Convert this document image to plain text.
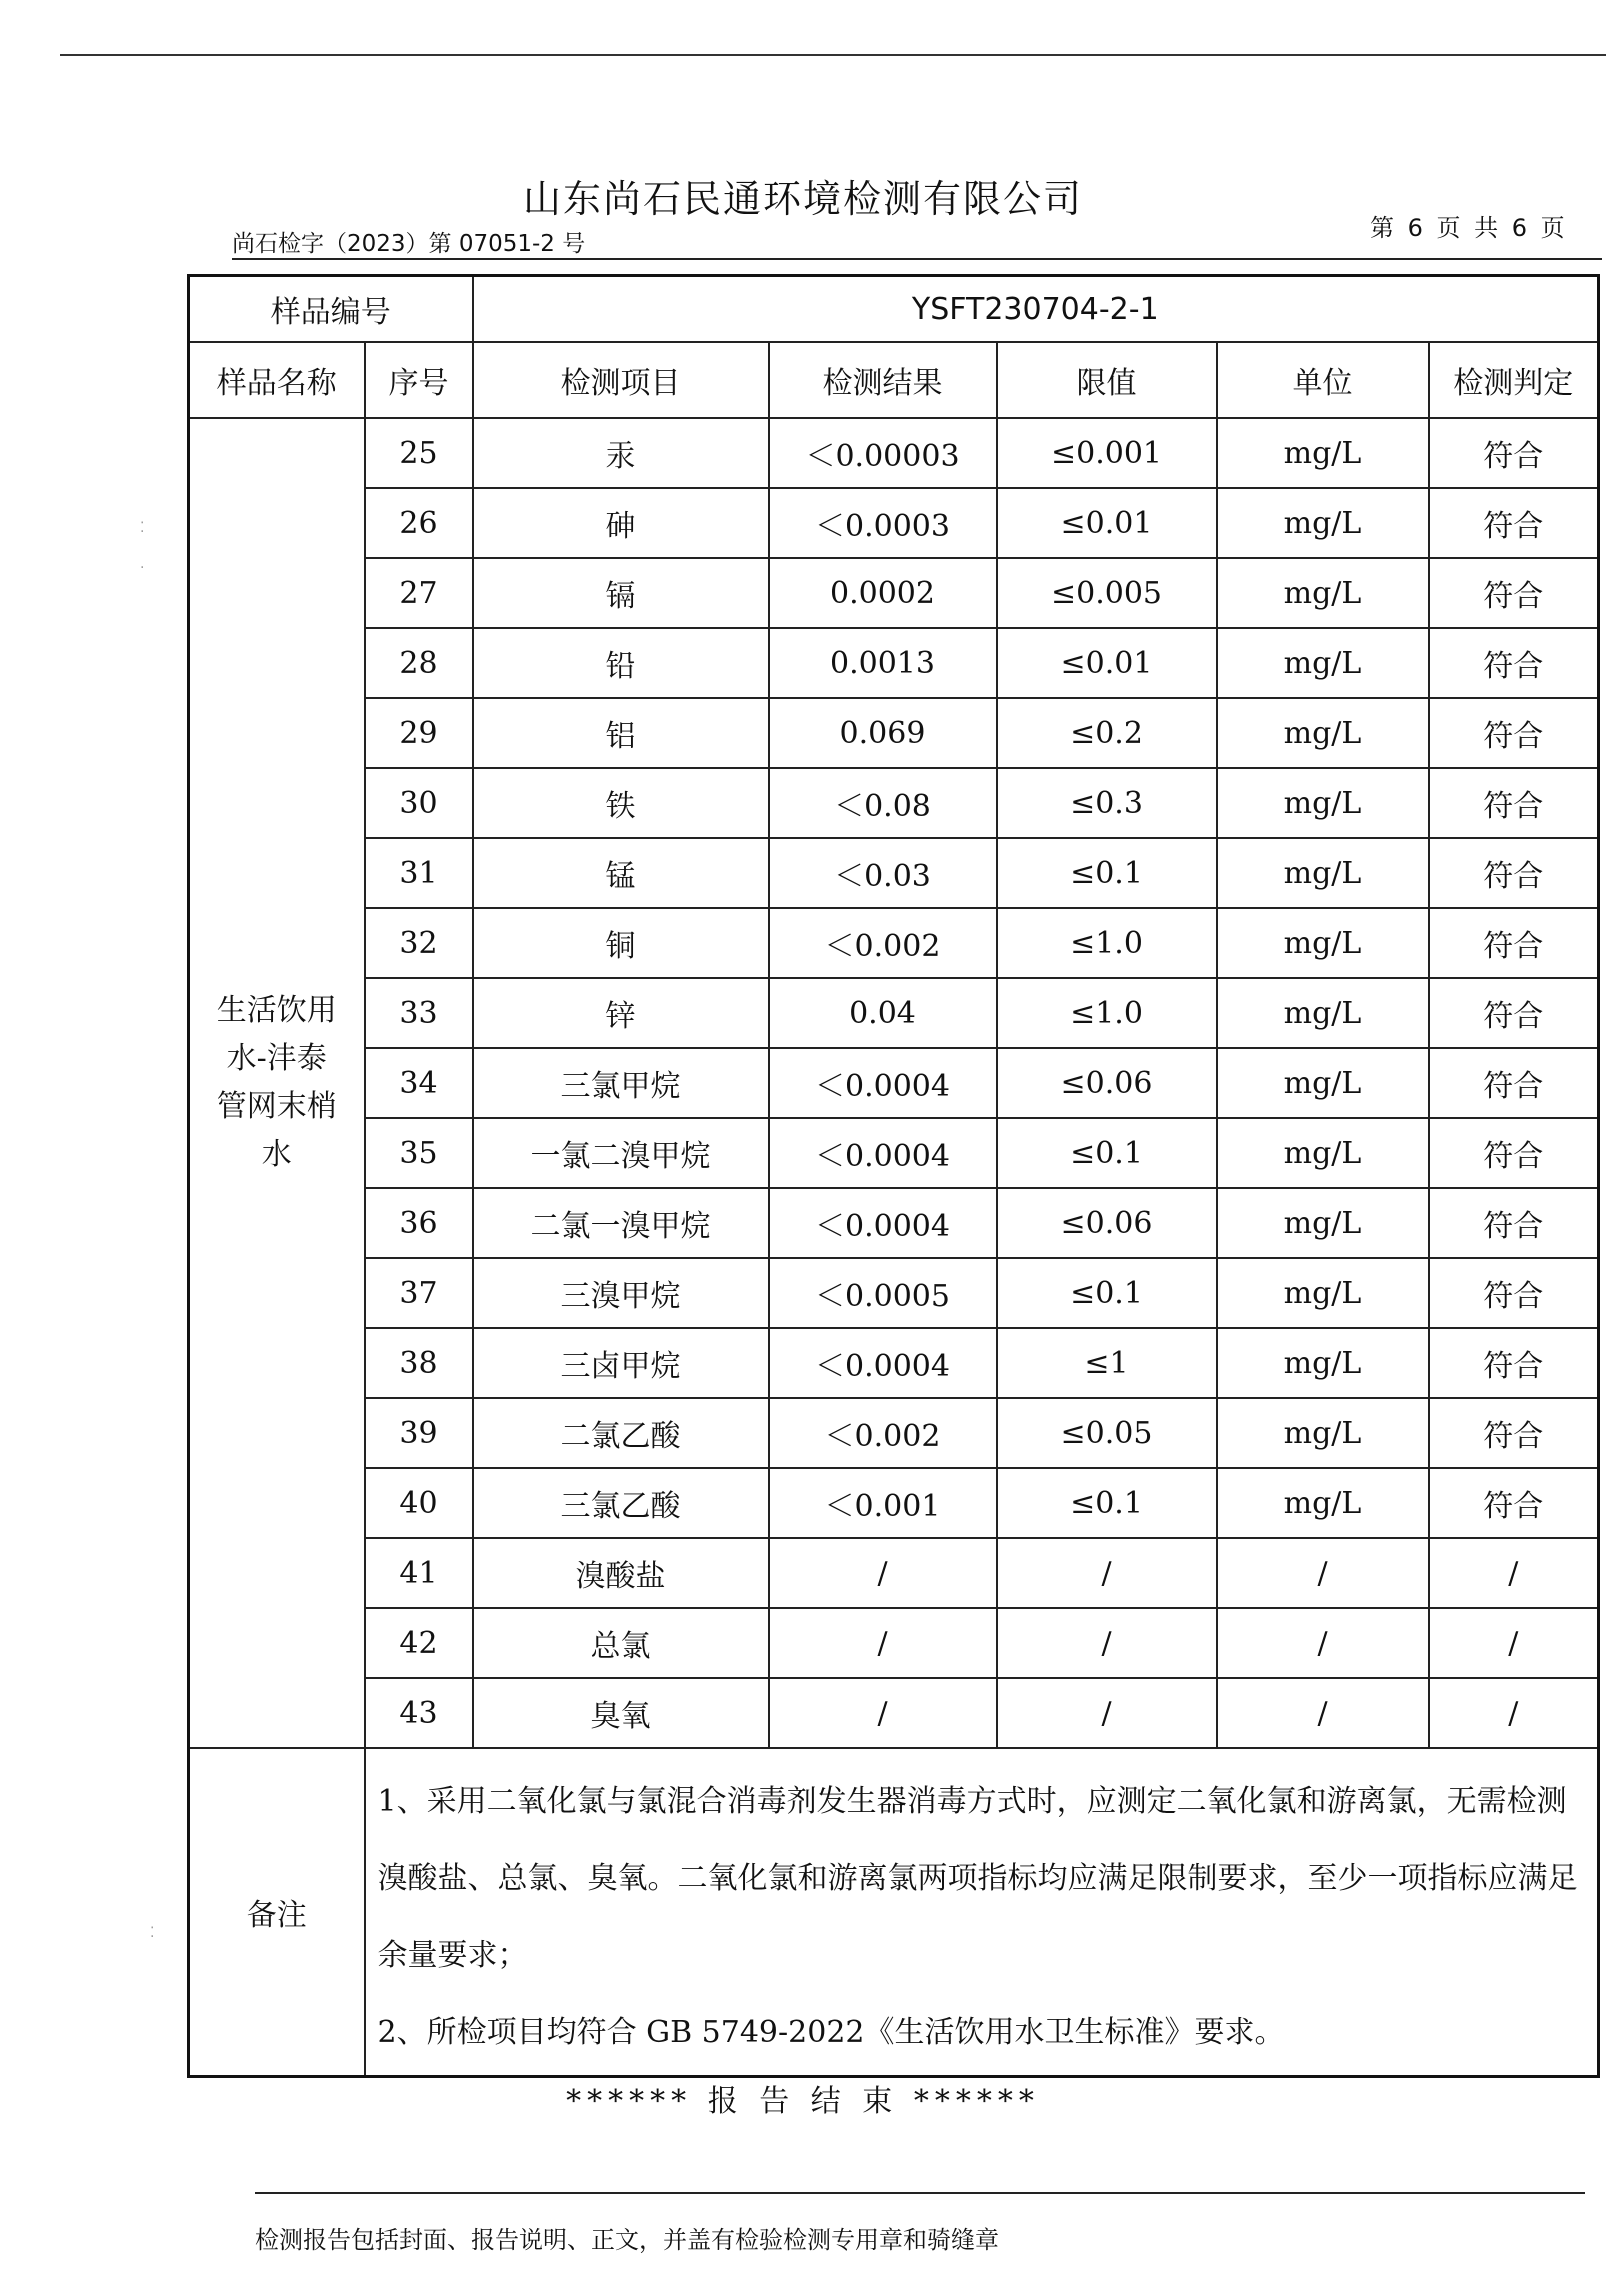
山东尚石民通环境检测有限公司
第 6 页 共 6 页
尚石检字（2023）第 07051-2 号
⁚
·
⁚
样品编号		YSFT230704-2-1				
样品名称	序号	检测项目	检测结果	限值	单位	检测判定

生活饮用
水-沣泰
管网末梢
水	25	汞	＜0.00003	≤0.001	mg/L	符合
	26	砷	＜0.0003	≤0.01	mg/L	符合
	27	镉	0.0002	≤0.005	mg/L	符合
	28	铅	0.0013	≤0.01	mg/L	符合
	29	铝	0.069	≤0.2	mg/L	符合
	30	铁	＜0.08	≤0.3	mg/L	符合
	31	锰	＜0.03	≤0.1	mg/L	符合
	32	铜	＜0.002	≤1.0	mg/L	符合
	33	锌	0.04	≤1.0	mg/L	符合
	34	三氯甲烷	＜0.0004	≤0.06	mg/L	符合
	35	一氯二溴甲烷	＜0.0004	≤0.1	mg/L	符合
	36	二氯一溴甲烷	＜0.0004	≤0.06	mg/L	符合
	37	三溴甲烷	＜0.0005	≤0.1	mg/L	符合
	38	三卤甲烷	＜0.0004	≤1	mg/L	符合
	39	二氯乙酸	＜0.002	≤0.05	mg/L	符合
	40	三氯乙酸	＜0.001	≤0.1	mg/L	符合
	41	溴酸盐	/	/	/	/
	42	总氯	/	/	/	/
	43	臭氧	/	/	/	/
备注	1、采用二氧化氯与氯混合消毒剂发生器消毒方式时，应测定二氧化氯和游离氯，无需检测溴酸盐、总氯、臭氧。二氧化氯和游离氯两项指标均应满足限制要求，至少一项指标应满足余量要求；

2、所检项目均符合 GB 5749-2022《生活饮用水卫生标准》要求。					

****** 报 告 结 束 ******
检测报告包括封面、报告说明、正文，并盖有检验检测专用章和骑缝章
